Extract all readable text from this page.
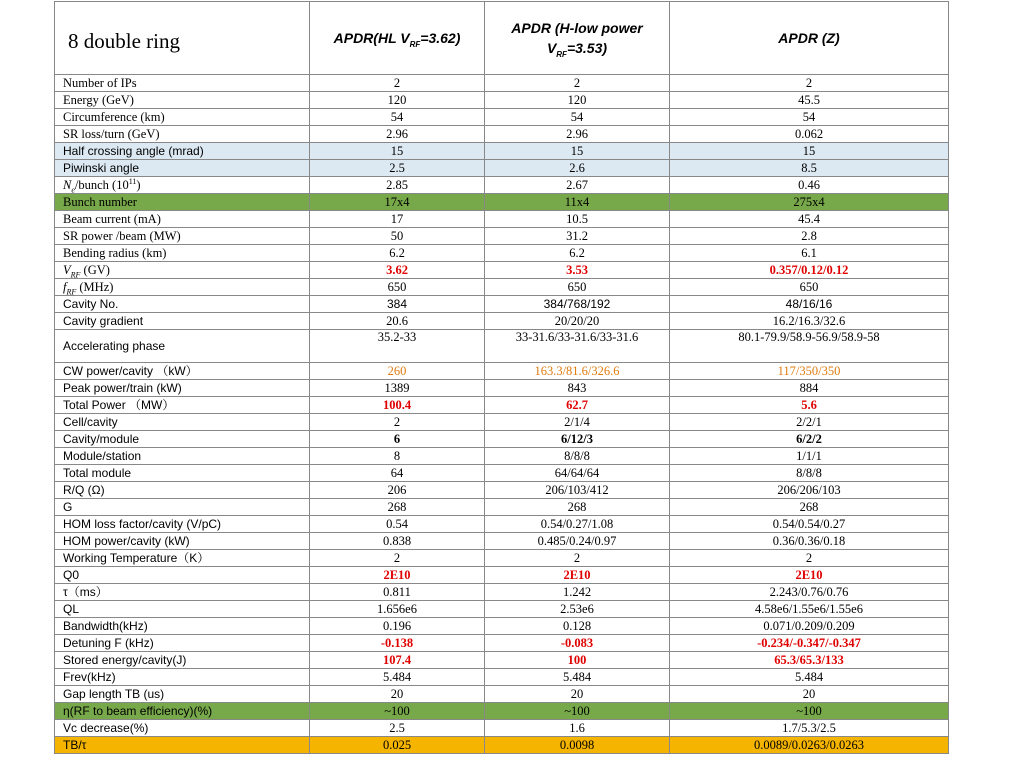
8 double ring	APDR(HL $V_{RF}=3.62$)	APDR (H-low power
$V_{RF}=3.53$)	APDR (Z)
Number of IPs	2	2	2
Energy (GeV)	120	120	45.5
Circumference (km)	54	54	54
SR loss/turn (GeV)	2.96	2.96	0.062
Half crossing angle (mrad)	15	15	15
Piwinski angle	2.5	2.6	8.5
$N_e$/bunch $(10^{11})$	2.85	2.67	0.46
Bunch number	17x4	11x4	275x4
Beam current (mA)	17	10.5	45.4
SR power /beam (MW)	50	31.2	2.8
Bending radius (km)	6.2	6.2	6.1
$V_{RF}$ (GV)	3.62	3.53	0.357/0.12/0.12
$f_{RF}$ (MHz)	650	650	650
Cavity No.	384	384/768/192	48/16/16
Cavity gradient	20.6	20/20/20	16.2/16.3/32.6
Accelerating phase	35.2-33	33-31.6/33-31.6/33-31.6	80.1-79.9/58.9-56.9/58.9-58
CW power/cavity （kW）	260	163.3/81.6/326.6	117/350/350
Peak power/train (kW)	1389	843	884
Total Power （MW）	100.4	62.7	5.6
Cell/cavity	2	2/1/4	2/2/1
Cavity/module	6	6/12/3	6/2/2
Module/station	8	8/8/8	1/1/1
Total module	64	64/64/64	8/8/8
R/Q (Ω)	206	206/103/412	206/206/103
G	268	268	268
HOM loss factor/cavity (V/pC)	0.54	0.54/0.27/1.08	0.54/0.54/0.27
HOM power/cavity (kW)	0.838	0.485/0.24/0.97	0.36/0.36/0.18
Working Temperature（K）	2	2	2
Q0	2E10	2E10	2E10
τ（ms）	0.811	1.242	2.243/0.76/0.76
QL	1.656e6	2.53e6	4.58e6/1.55e6/1.55e6
Bandwidth(kHz)	0.196	0.128	0.071/0.209/0.209
Detuning F (kHz)	-0.138	-0.083	-0.234/-0.347/-0.347
Stored energy/cavity(J)	107.4	100	65.3/65.3/133
Frev(kHz)	5.484	5.484	5.484
Gap length TB (us)	20	20	20
η(RF to beam efficiency)(%)	~100	~100	~100
Vc decrease(%)	2.5	1.6	1.7/5.3/2.5
TB/τ	0.025	0.0098	0.0089/0.0263/0.0263
